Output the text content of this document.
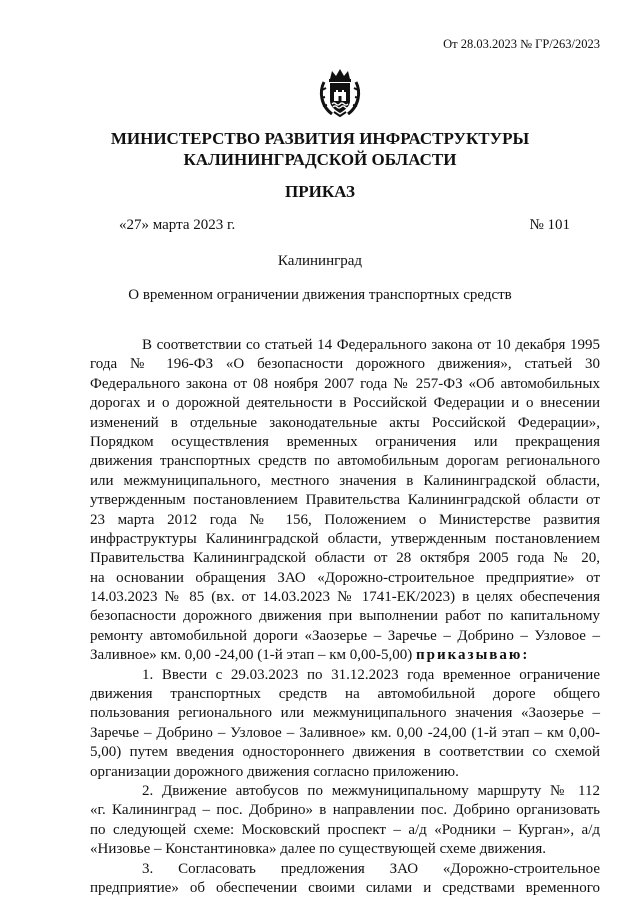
От 28.03.2023 № ГР/263/2023
МИНИСТЕРСТВО РАЗВИТИЯ ИНФРАСТРУКТУРЫ
КАЛИНИНГРАДСКОЙ ОБЛАСТИ
ПРИКАЗ
«27» марта 2023 г.	№ 101
Калининград
О временном ограничении движения транспортных средств
В соответствии со статьей 14 Федерального закона от 10 декабря 1995
года № 196-ФЗ «О безопасности дорожного движения», статьей 30
Федерального закона от 08 ноября 2007 года № 257-ФЗ «Об автомобильных
дорогах и о дорожной деятельности в Российской Федерации и о внесении
изменений в отдельные законодательные акты Российской Федерации»,
Порядком осуществления временных ограничения или прекращения
движения транспортных средств по автомобильным дорогам регионального
или межмуниципального, местного значения в Калининградской области,
утвержденным постановлением Правительства Калининградской области от
23 марта 2012 года № 156, Положением о Министерстве развития
инфраструктуры Калининградской области, утвержденным постановлением
Правительства Калининградской области от 28 октября 2005 года № 20,
на основании обращения ЗАО «Дорожно-строительное предприятие» от
14.03.2023 № 85 (вх. от 14.03.2023 № 1741-ЕК/2023) в целях обеспечения
безопасности дорожного движения при выполнении работ по капитальному
ремонту автомобильной дороги «Заозерье – Заречье – Добрино – Узловое –
Заливное» км. 0,00 -24,00 (1-й этап – км 0,00-5,00) приказываю:
1. Ввести с 29.03.2023 по 31.12.2023 года временное ограничение
движения транспортных средств на автомобильной дороге общего
пользования регионального или межмуниципального значения «Заозерье –
Заречье – Добрино – Узловое – Заливное» км. 0,00 -24,00 (1-й этап – км 0,00-
5,00) путем введения одностороннего движения в соответствии со схемой
организации дорожного движения согласно приложению.
2. Движение автобусов по межмуниципальному маршруту № 112
«г. Калининград – пос. Добрино» в направлении пос. Добрино организовать
по следующей схеме: Московский проспект – а/д «Родники – Курган», а/д
«Низовье – Константиновка» далее по существующей схеме движения.
3. Согласовать предложения ЗАО «Дорожно-строительное
предприятие» об обеспечении своими силами и средствами временного
